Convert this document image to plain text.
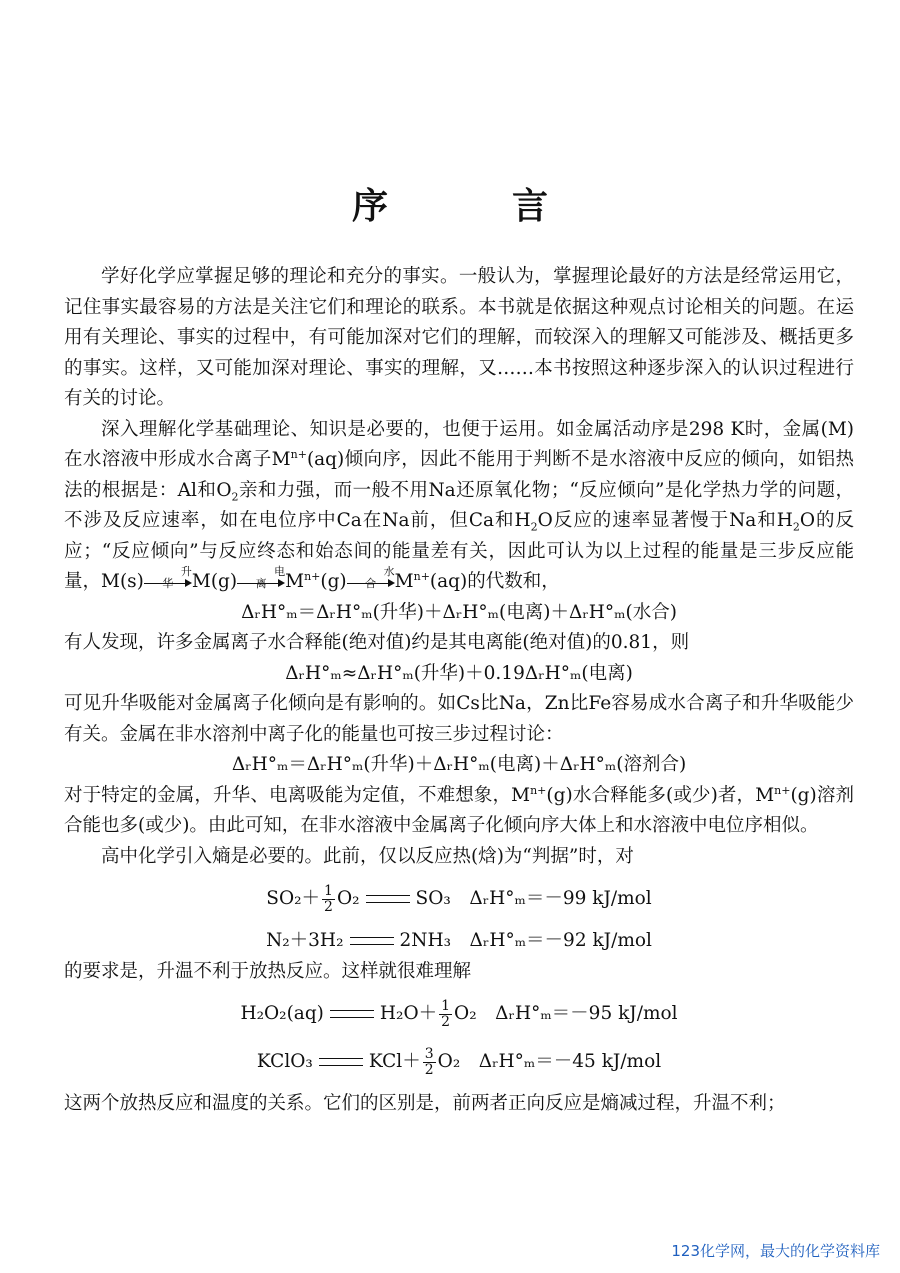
序　言

学好化学应掌握足够的理论和充分的事实。一般认为，掌握理论最好的方法是经常运用它，记住事实最容易的方法是关注它们和理论的联系。本书就是依据这种观点讨论相关的问题。在运用有关理论、事实的过程中，有可能加深对它们的理解，而较深入的理解又可能涉及、概括更多的事实。这样，又可能加深对理论、事实的理解，又……本书按照这种逐步深入的认识过程进行有关的讨论。

深入理解化学基础理论、知识是必要的，也便于运用。如金属活动序是298 K时，金属(M)在水溶液中形成水合离子$M^{n+}(aq)$倾向序，因此不能用于判断不是水溶液中反应的倾向，如铝热法的根据是：Al和$O_2$亲和力强，而一般不用Na还原氧化物；“反应倾向”是化学热力学的问题，不涉及反应速率，如在电位序中Ca在Na前，但Ca和$H_2O$反应的速率显著慢于Na和$H_2O$的反应；“反应倾向”与反应终态和始态间的能量差有关，因此可认为以上过程的能量是三步反应能量，M(s)	升华	M(g)	电离	$M^{n+}(g)$	水合	$M^{n+}(aq)$的代数和，

ΔᵣH°ₘ＝ΔᵣH°ₘ(升华)＋ΔᵣH°ₘ(电离)＋ΔᵣH°ₘ(水合)

有人发现，许多金属离子水合释能(绝对值)约是其电离能(绝对值)的0.81，则

ΔᵣH°ₘ≈ΔᵣH°ₘ(升华)＋0.19ΔᵣH°ₘ(电离)

可见升华吸能对金属离子化倾向是有影响的。如Cs比Na，Zn比Fe容易成水合离子和升华吸能少有关。金属在非水溶剂中离子化的能量也可按三步过程讨论：

ΔᵣH°ₘ＝ΔᵣH°ₘ(升华)＋ΔᵣH°ₘ(电离)＋ΔᵣH°ₘ(溶剂合)

对于特定的金属，升华、电离吸能为定值，不难想象，$M^{n+}(g)$水合释能多(或少)者，$M^{n+}(g)$溶剂合能也多(或少)。由此可知，在非水溶液中金属离子化倾向序大体上和水溶液中电位序相似。

高中化学引入熵是必要的。此前，仅以反应热(焓)为“判据”时，对

$SO_2+ \frac{1}{2} O_2$	SO₃　 ΔᵣH°ₘ＝－99 kJ/mol

N₂＋3H₂	2NH₃　 ΔᵣH°ₘ＝－92 kJ/mol

的要求是，升温不利于放热反应。这样就很难理解

H₂O₂(aq)	$H_2O+ \frac{1}{2} O_2$　 ΔᵣH°ₘ＝－95 kJ/mol

KClO₃	$KCl+ \frac{3}{2} O_2$　 ΔᵣH°ₘ＝－45 kJ/mol

这两个放热反应和温度的关系。它们的区别是，前两者正向反应是熵减过程，升温不利；

123化学网，最大的化学资料库
